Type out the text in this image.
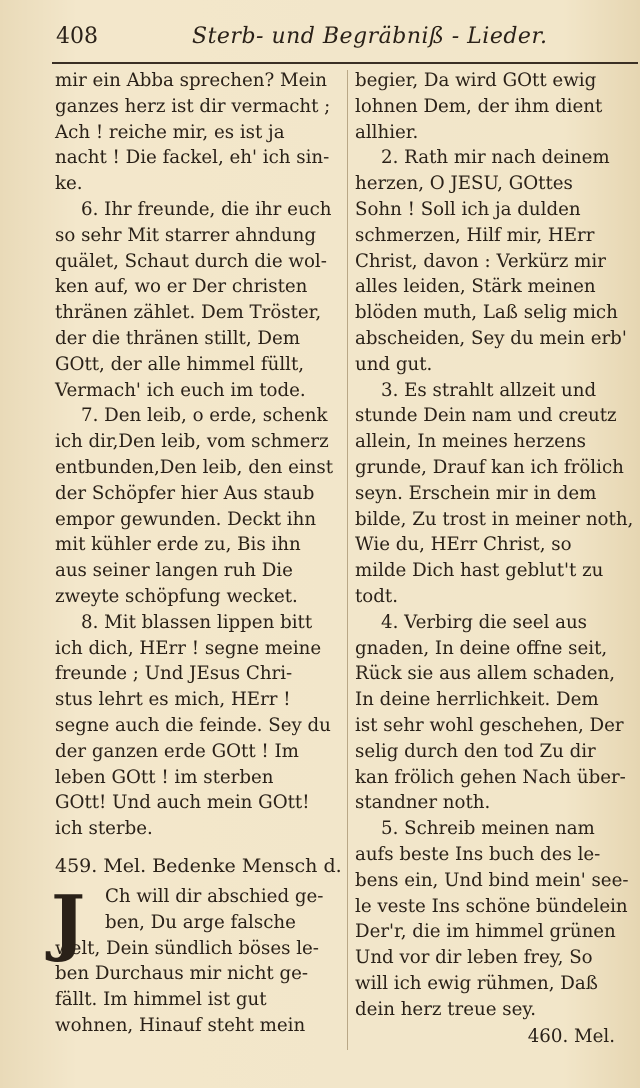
408	Sterb- und Begräbniß - Lieder.
mir ein Abba sprechen? Mein
ganzes herz ist dir vermacht ;
Ach ! reiche mir, es ist ja
nacht ! Die fackel, eh' ich sin-
ke.
6. Ihr freunde, die ihr euch
so sehr Mit starrer ahndung
quälet, Schaut durch die wol-
ken auf, wo er Der christen
thränen zählet. Dem Tröster,
der die thränen stillt, Dem
GOtt, der alle himmel füllt,
Vermach' ich euch im tode.
7. Den leib, o erde, schenk
ich dir,Den leib, vom schmerz
entbunden,Den leib, den einst
der Schöpfer hier Aus staub
empor gewunden. Deckt ihn
mit kühler erde zu, Bis ihn
aus seiner langen ruh Die
zweyte schöpfung wecket.
8. Mit blassen lippen bitt
ich dich, HErr ! segne meine
freunde ; Und JEsus Chri-
stus lehrt es mich, HErr !
segne auch die feinde. Sey du
der ganzen erde GOtt ! Im
leben GOtt ! im sterben
GOtt! Und auch mein GOtt!
ich sterbe.
459. Mel. Bedenke Mensch d.
J	Ch will dir abschied ge-
ben, Du arge falsche
welt, Dein sündlich böses le-
ben Durchaus mir nicht ge-
fällt. Im himmel ist gut
wohnen, Hinauf steht mein
begier, Da wird GOtt ewig
lohnen Dem, der ihm dient
allhier.
2. Rath mir nach deinem
herzen, O JESU, GOttes
Sohn ! Soll ich ja dulden
schmerzen, Hilf mir, HErr
Christ, davon : Verkürz mir
alles leiden, Stärk meinen
blöden muth, Laß selig mich
abscheiden, Sey du mein erb'
und gut.
3. Es strahlt allzeit und
stunde Dein nam und creutz
allein, In meines herzens
grunde, Drauf kan ich frölich
seyn. Erschein mir in dem
bilde, Zu trost in meiner noth,
Wie du, HErr Christ, so
milde Dich hast geblut't zu
todt.
4. Verbirg die seel aus
gnaden, In deine offne seit,
Rück sie aus allem schaden,
In deine herrlichkeit. Dem
ist sehr wohl geschehen, Der
selig durch den tod Zu dir
kan frölich gehen Nach über-
standner noth.
5. Schreib meinen nam
aufs beste Ins buch des le-
bens ein, Und bind mein' see-
le veste Ins schöne bündelein
Der'r, die im himmel grünen
Und vor dir leben frey, So
will ich ewig rühmen, Daß
dein herz treue sey.
460. Mel.
